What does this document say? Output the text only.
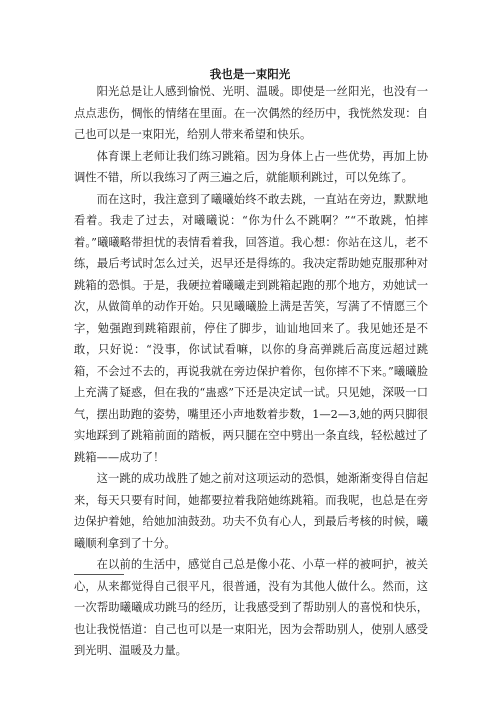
我也是一束阳光

阳光总是让人感到愉悦、光明、温暖。即使是一丝阳光，也没有一点点悲伤，惆怅的情绪在里面。在一次偶然的经历中，我恍然发现：自己也可以是一束阳光，给别人带来希望和快乐。

体育课上老师让我们练习跳箱。因为身体上占一些优势，再加上协调性不错，所以我练习了两三遍之后，就能顺利跳过，可以免练了。

而在这时，我注意到了曦曦始终不敢去跳，一直站在旁边，默默地看着。我走了过去，对曦曦说：“你为什么不跳啊？”“不敢跳，怕摔着。”曦曦略带担忧的表情看着我，回答道。我心想：你站在这儿，老不练，最后考试时怎么过关，迟早还是得练的。我决定帮助她克服那种对跳箱的恐惧。于是，我硬拉着曦曦走到跳箱起跑的那个地方，劝她试一次，从做简单的动作开始。只见曦曦脸上满是苦笑，写满了不情愿三个字，勉强跑到跳箱跟前，停住了脚步，讪讪地回来了。我见她还是不敢，只好说：“没事，你试试看嘛，以你的身高弹跳后高度远超过跳箱，不会过不去的，再说我就在旁边保护着你，包你摔不下来。”曦曦脸上充满了疑惑，但在我的“蛊惑”下还是决定试一试。只见她，深吸一口气，摆出助跑的姿势，嘴里还小声地数着步数，1—2—3,她的两只脚很实地踩到了跳箱前面的踏板，两只腿在空中劈出一条直线，轻松越过了跳箱——成功了！

这一跳的成功战胜了她之前对这项运动的恐惧，她渐渐变得自信起来，每天只要有时间，她都要拉着我陪她练跳箱。而我呢，也总是在旁边保护着她，给她加油鼓劲。功夫不负有心人，到最后考核的时候，曦曦顺利拿到了十分。

在以前的生活中，感觉自己总是像小花、小草一样的被呵护，被关心，从来都觉得自己很平凡，很普通，没有为其他人做什么。然而，这一次帮助曦曦成功跳马的经历，让我感受到了帮助别人的喜悦和快乐，也让我悦悟道：自己也可以是一束阳光，因为会帮助别人，使别人感受到光明、温暖及力量。
